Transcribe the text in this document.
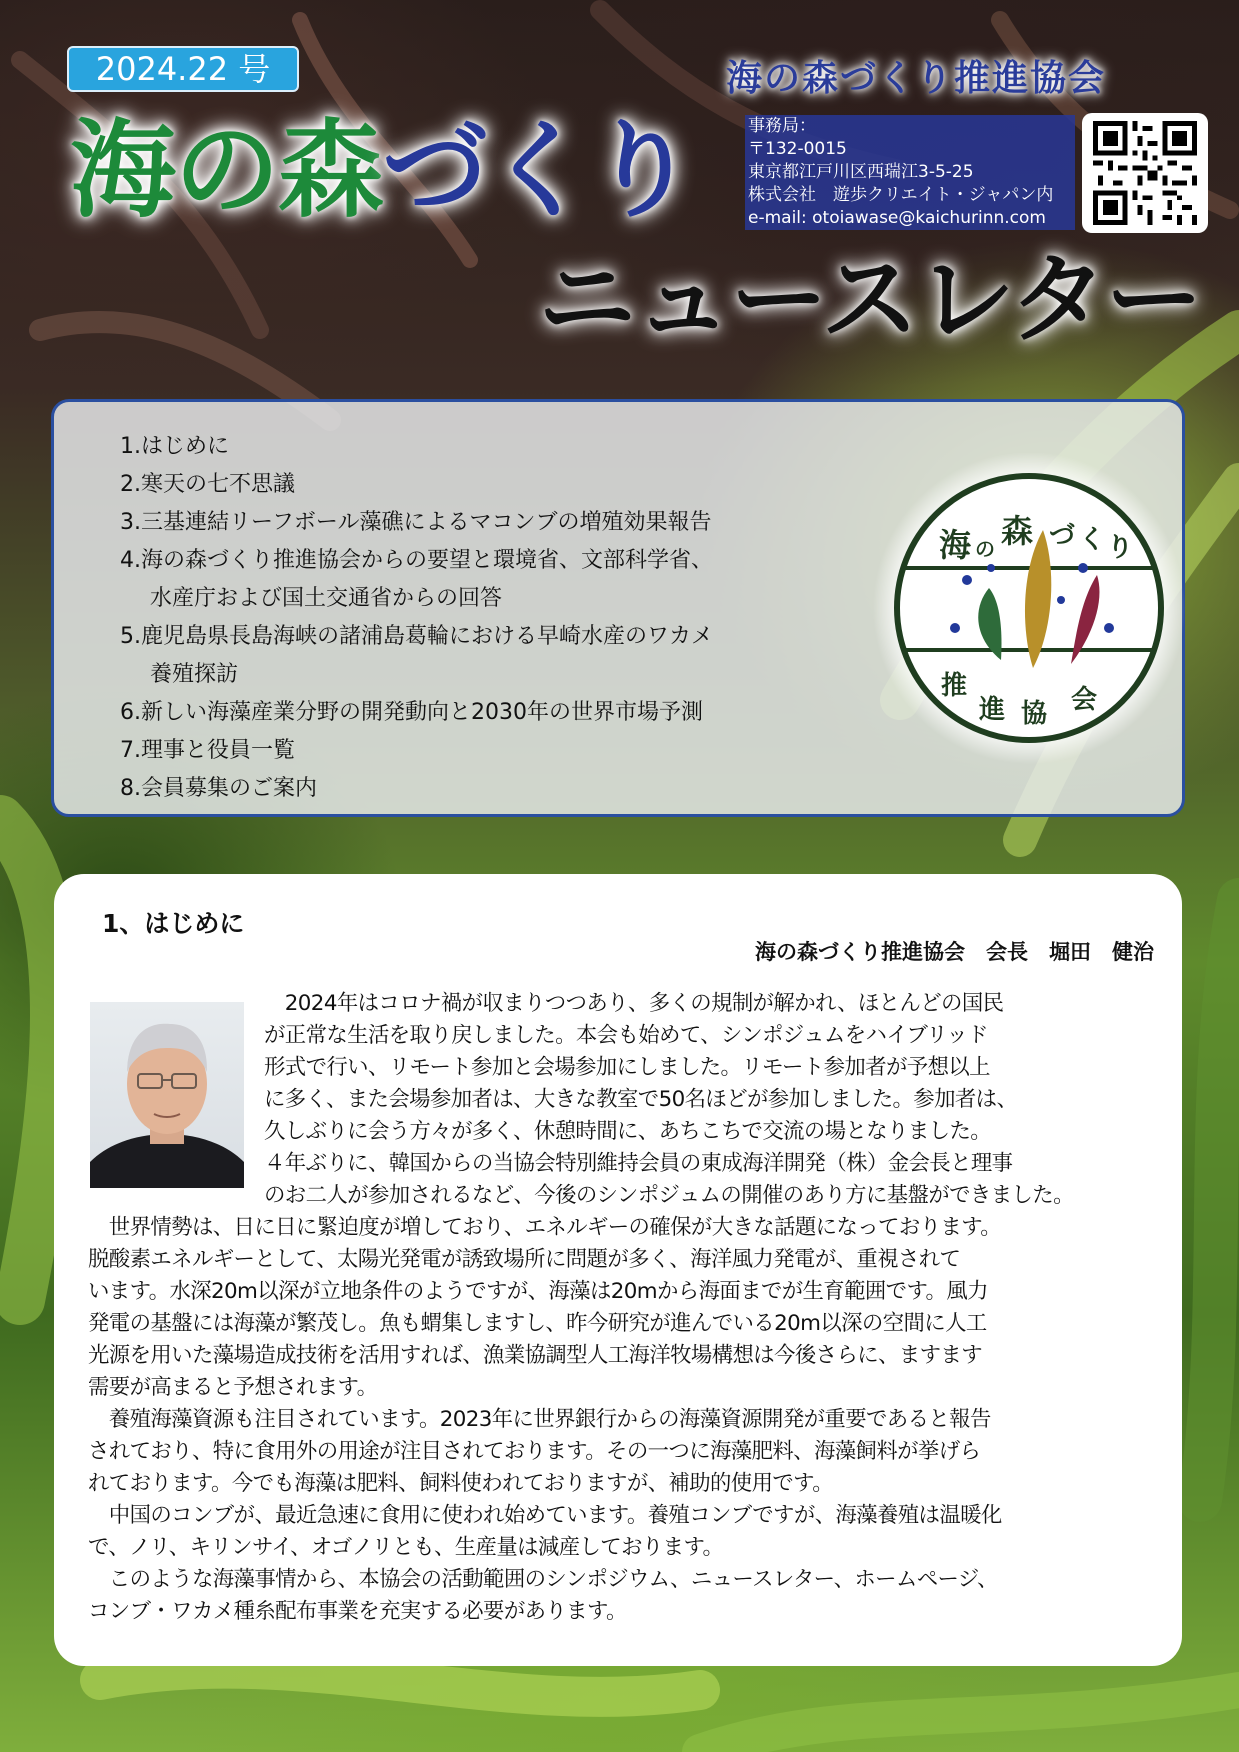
2024.22 号	海の森づくり推進協会
事務局：
〒132-0015
東京都江戸川区西瑞江3-5-25
株式会社　遊歩クリエイト・ジャパン内
e-mail: otoiawase@kaichurinn.com
海の森づくり
ニュースレター
1.はじめに
2.寒天の七不思議
3.三基連結リーフボール藻礁によるマコンブの増殖効果報告
4.海の森づくり推進協会からの要望と環境省、文部科学省、
水産庁および国土交通省からの回答
5.鹿児島県長島海峡の諸浦島葛輪における早崎水産のワカメ
養殖探訪
6.新しい海藻産業分野の開発動向と2030年の世界市場予測
7.理事と役員一覧
8.会員募集のご案内
海 の 森 づ く り
推
進 協 会
1、はじめに
海の森づくり推進協会　会長　堀田　健治

　2024年はコロナ禍が収まりつつあり、多くの規制が解かれ、ほとんどの国民

が正常な生活を取り戻しました。本会も始めて、シンポジュムをハイブリッド

形式で行い、リモート参加と会場参加にしました。リモート参加者が予想以上

に多く、また会場参加者は、大きな教室で50名ほどが参加しました。参加者は、

久しぶりに会う方々が多く、休憩時間に、あちこちで交流の場となりました。

４年ぶりに、韓国からの当協会特別維持会員の東成海洋開発（株）金会長と理事

のお二人が参加されるなど、今後のシンポジュムの開催のあり方に基盤ができました。

　世界情勢は、日に日に緊迫度が増しており、エネルギーの確保が大きな話題になっております。

脱酸素エネルギーとして、太陽光発電が誘致場所に問題が多く、海洋風力発電が、重視されて

います。水深20m以深が立地条件のようですが、海藻は20mから海面までが生育範囲です。風力

発電の基盤には海藻が繁茂し。魚も蝟集しますし、昨今研究が進んでいる20m以深の空間に人工

光源を用いた藻場造成技術を活用すれば、漁業協調型人工海洋牧場構想は今後さらに、ますます

需要が高まると予想されます。

　養殖海藻資源も注目されています。2023年に世界銀行からの海藻資源開発が重要であると報告

されており、特に食用外の用途が注目されております。その一つに海藻肥料、海藻飼料が挙げら

れております。今でも海藻は肥料、飼料使われておりますが、補助的使用です。

　中国のコンブが、最近急速に食用に使われ始めています。養殖コンブですが、海藻養殖は温暖化

で、ノリ、キリンサイ、オゴノリとも、生産量は減産しております。

　このような海藻事情から、本協会の活動範囲のシンポジウム、ニュースレター、ホームページ、

コンブ・ワカメ種糸配布事業を充実する必要があります。
